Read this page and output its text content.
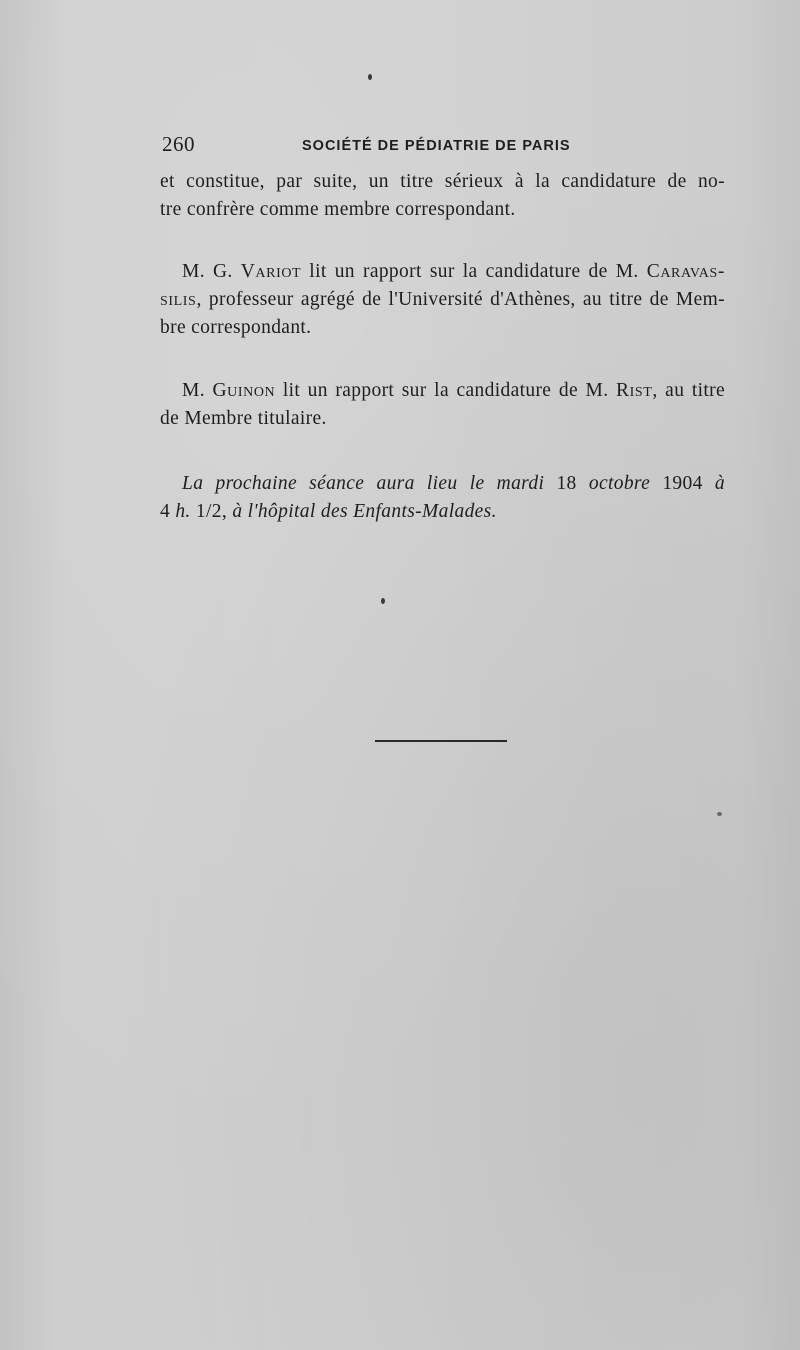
260	SOCIÉTÉ DE PÉDIATRIE DE PARIS
et constitue, par suite, un titre sérieux à la candidature de no-
tre confrère comme membre correspondant.
M. G. Variot lit un rapport sur la candidature de M. Caravas-
silis, professeur agrégé de l'Université d'Athènes, au titre de Mem-
bre correspondant.
M. Guinon lit un rapport sur la candidature de M. Rist, au titre
de Membre titulaire.
La prochaine séance aura lieu le mardi 18 octobre 1904 à
4 h. 1/2, à l'hôpital des Enfants-Malades.
